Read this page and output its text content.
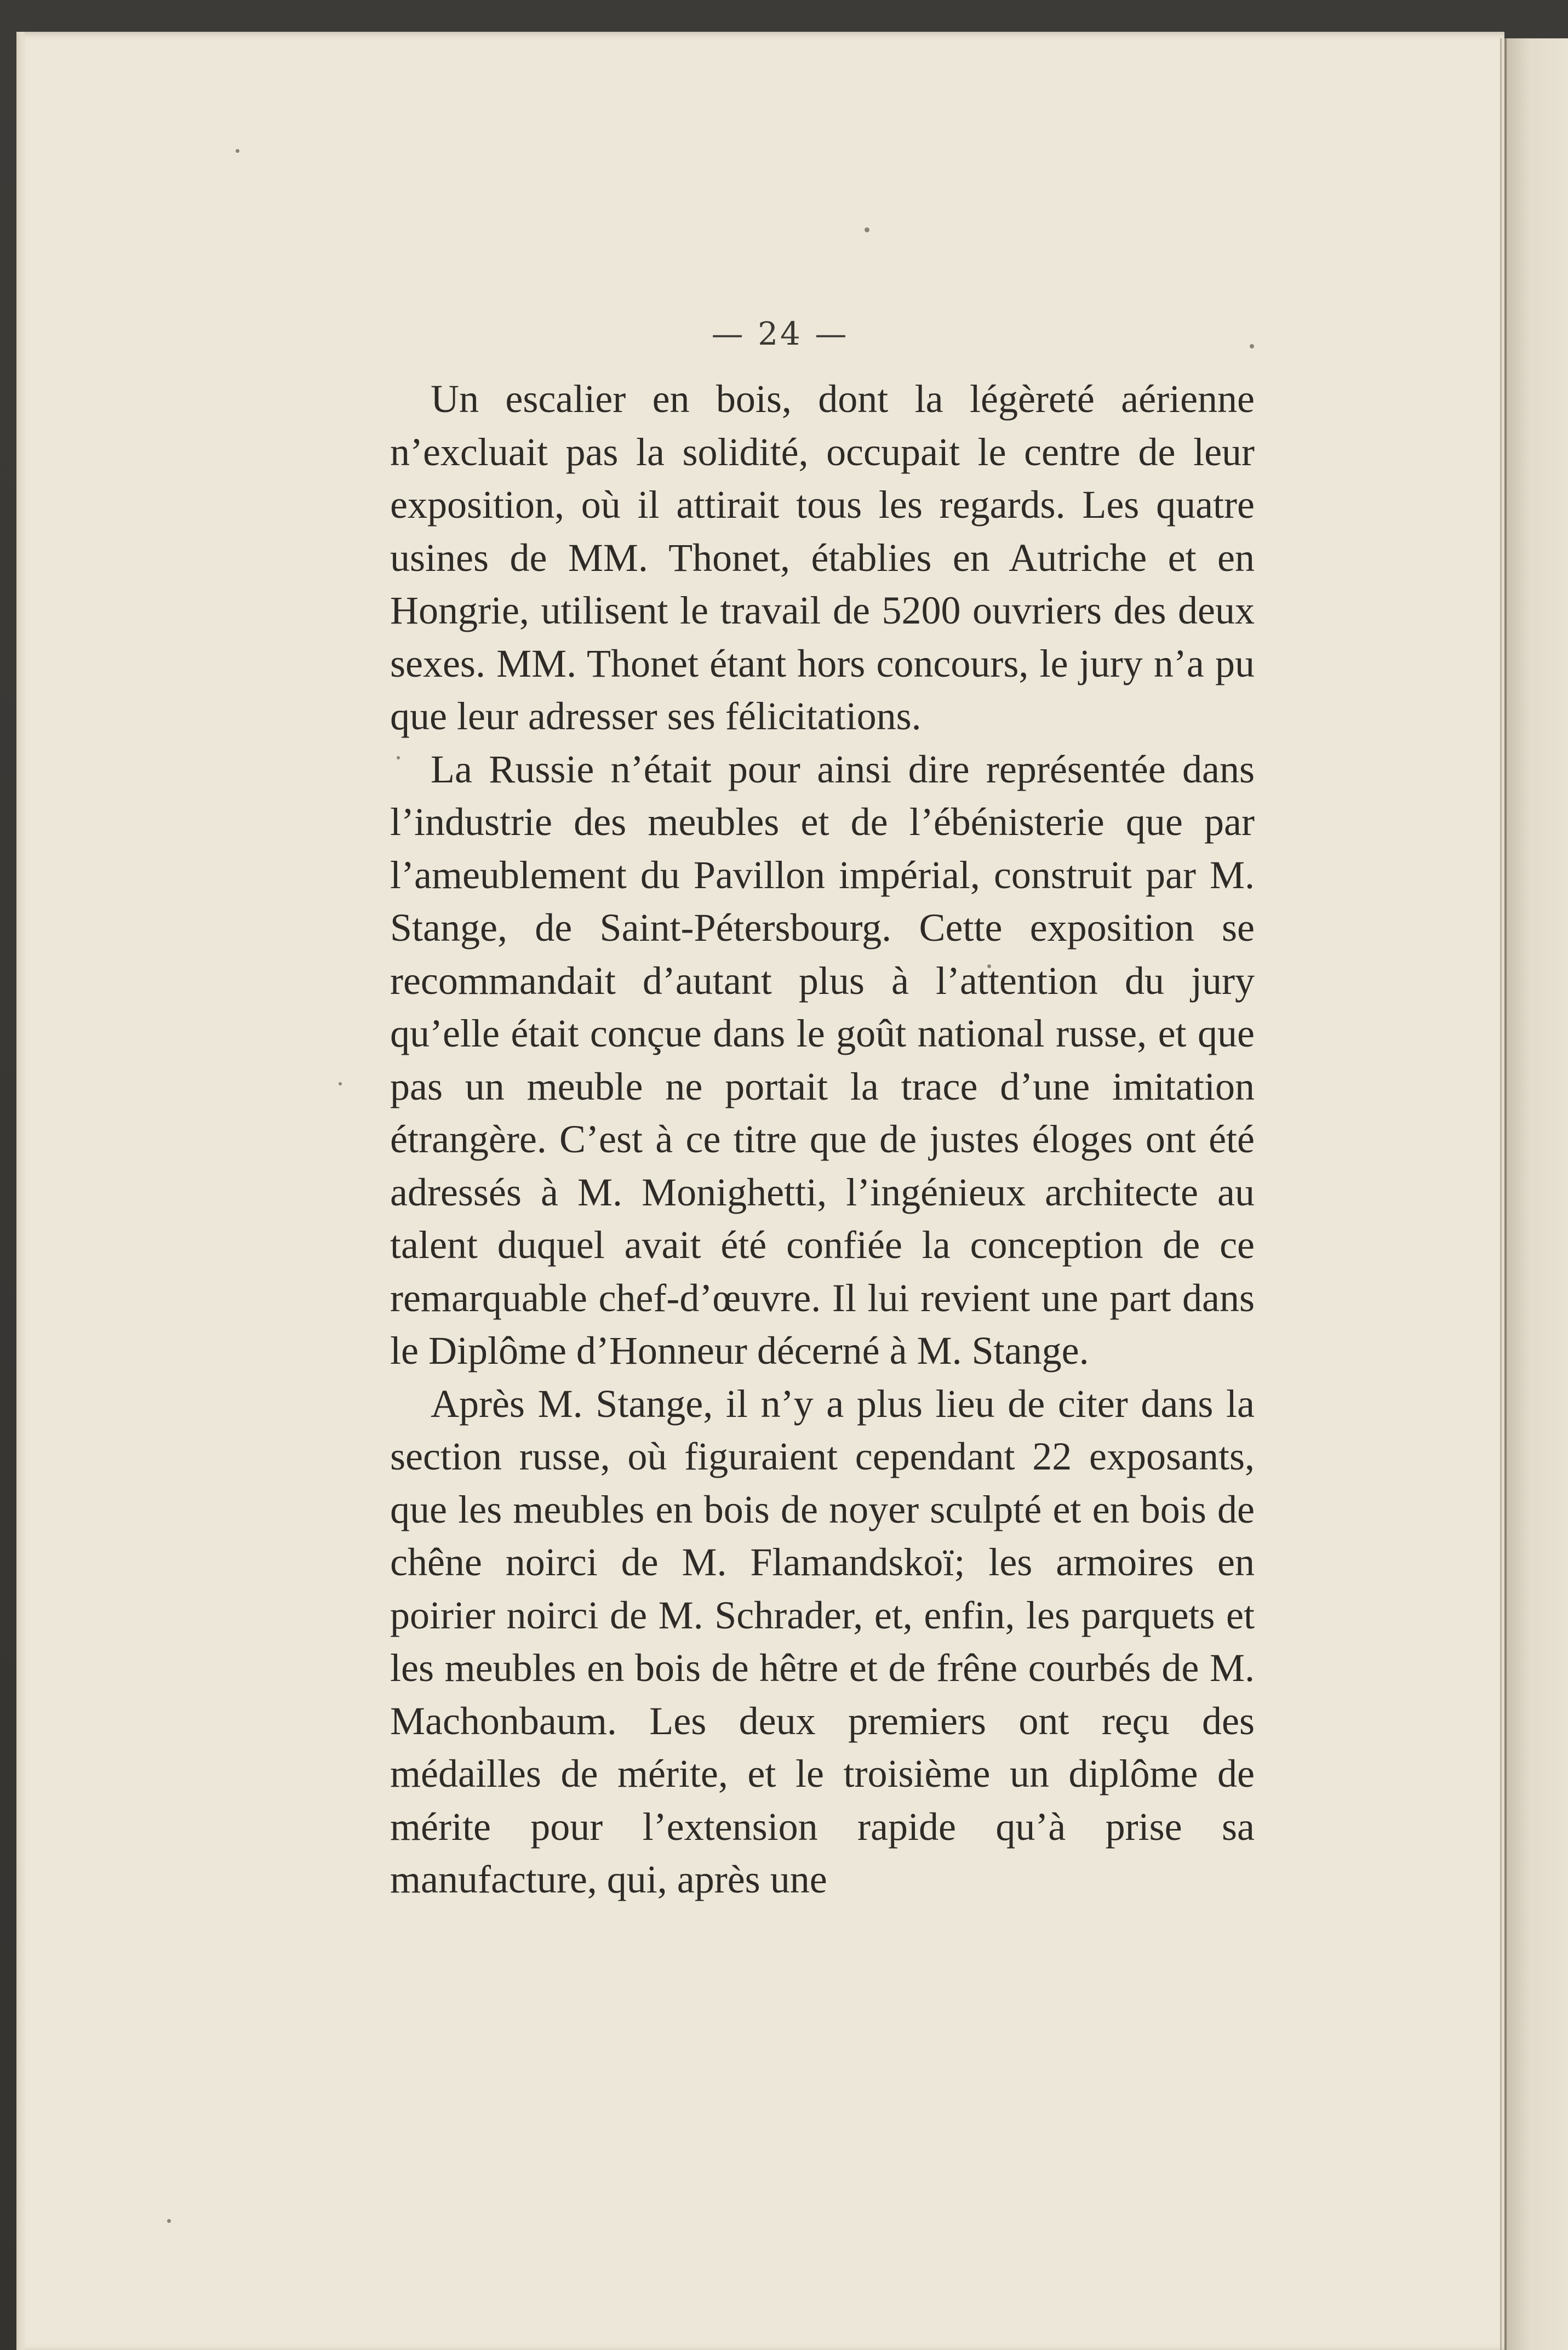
— 24 —

Un escalier en bois, dont la légèreté aérienne n’excluait pas la solidité, occupait le centre de leur exposition, où il attirait tous les regards. Les quatre usines de MM. Thonet, établies en Autriche et en Hongrie, utilisent le travail de 5200 ouvriers des deux sexes. MM. Thonet étant hors concours, le jury n’a pu que leur adresser ses félicitations.

La Russie n’était pour ainsi dire représentée dans l’industrie des meubles et de l’ébénisterie que par l’ameublement du Pavillon impérial, construit par M. Stange, de Saint-Pétersbourg. Cette exposition se recommandait d’autant plus à l’attention du jury qu’elle était conçue dans le goût national russe, et que pas un meuble ne portait la trace d’une imitation étrangère. C’est à ce titre que de justes éloges ont été adressés à M. Monighetti, l’ingénieux architecte au talent duquel avait été confiée la conception de ce remarquable chef-d’œuvre. Il lui revient une part dans le Diplôme d’Honneur décerné à M. Stange.

Après M. Stange, il n’y a plus lieu de citer dans la section russe, où figuraient cependant 22 exposants, que les meubles en bois de noyer sculpté et en bois de chêne noirci de M. Flamandskoï; les armoires en poirier noirci de M. Schrader, et, enfin, les parquets et les meubles en bois de hêtre et de frêne courbés de M. Machonbaum. Les deux premiers ont reçu des médailles de mérite, et le troisième un diplôme de mérite pour l’extension rapide qu’à prise sa manufacture, qui, après une
